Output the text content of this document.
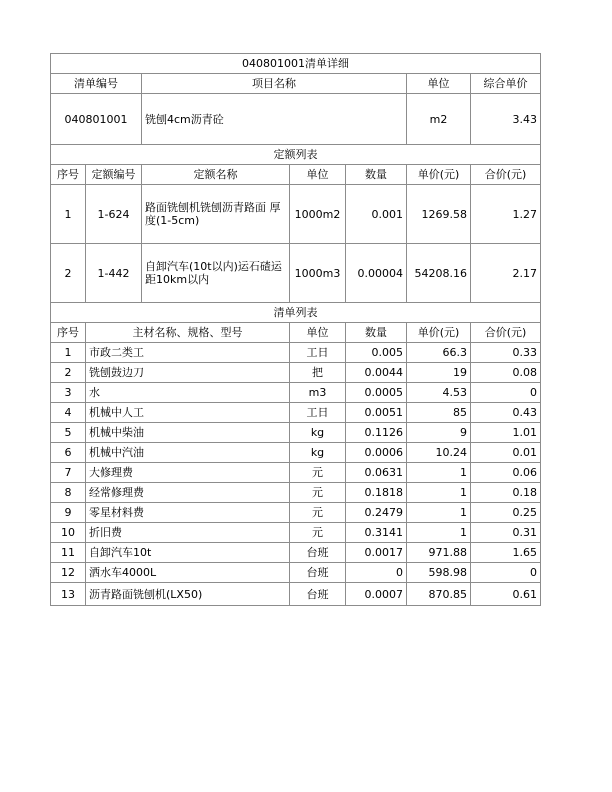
040801001清单详细						
清单编号		项目名称			单位	综合单价
040801001		铣刨4cm沥青砼			m2	3.43
定额列表						
序号	定额编号	定额名称	单位	数量	单价(元)	合价(元)
1	1-624	路面铣刨机铣刨沥青路面 厚度(1-5cm)	1000m2	0.001	1269.58	1.27
2	1-442	自卸汽车(10t以内)运石碴运距10km以内	1000m3	0.00004	54208.16	2.17
清单列表						
序号	主材名称、规格、型号		单位	数量	单价(元)	合价(元)
1	市政二类工		工日	0.005	66.3	0.33
2	铣刨鼓边刀		把	0.0044	19	0.08
3	水		m3	0.0005	4.53	0
4	机械中人工		工日	0.0051	85	0.43
5	机械中柴油		kg	0.1126	9	1.01
6	机械中汽油		kg	0.0006	10.24	0.01
7	大修理费		元	0.0631	1	0.06
8	经常修理费		元	0.1818	1	0.18
9	零星材料费		元	0.2479	1	0.25
10	折旧费		元	0.3141	1	0.31
11	自卸汽车10t		台班	0.0017	971.88	1.65
12	洒水车4000L		台班	0	598.98	0
13	沥青路面铣刨机(LX50)		台班	0.0007	870.85	0.61
